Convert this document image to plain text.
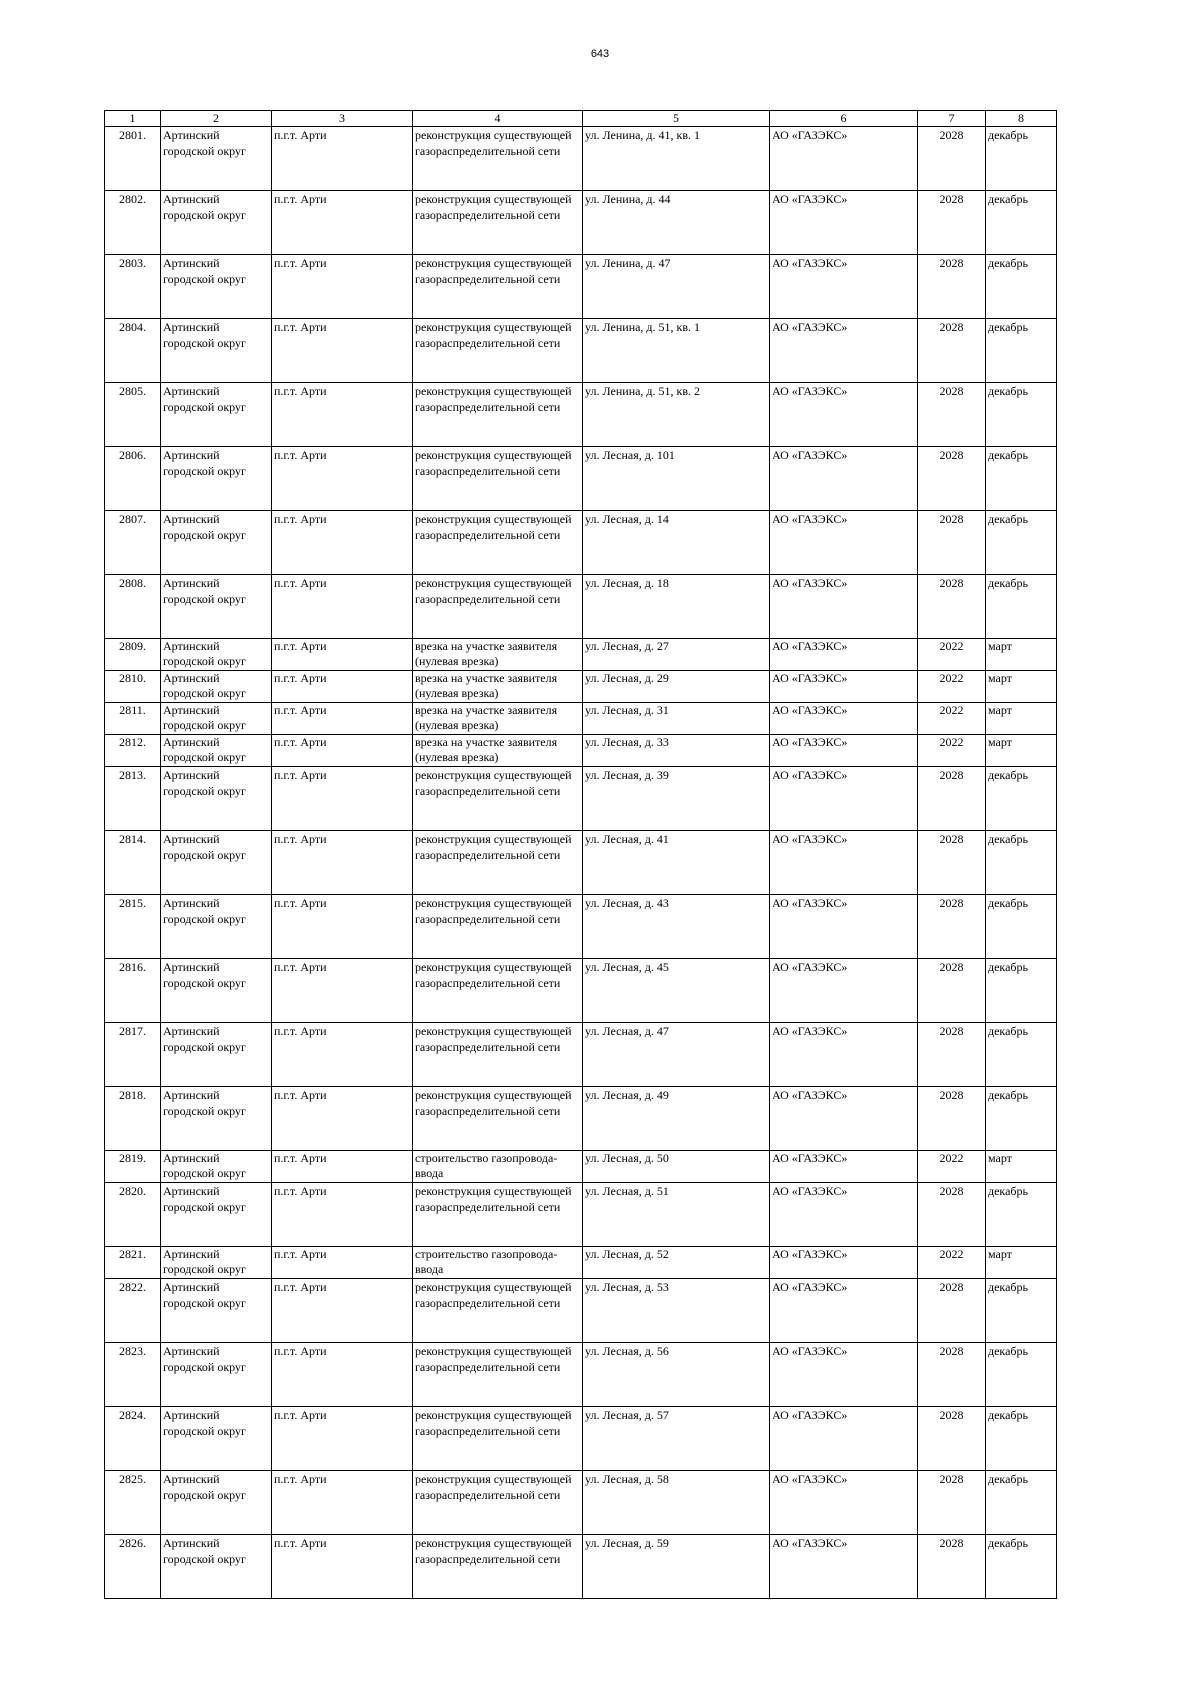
643
1	2	3	4	5	6	7	8
2801.	Артинский городской округ	п.г.т. Арти	реконструкция существующей газораспределительной сети	ул. Ленина, д. 41, кв. 1	АО «ГАЗЭКС»	2028	декабрь
2802.	Артинский городской округ	п.г.т. Арти	реконструкция существующей газораспределительной сети	ул. Ленина, д. 44	АО «ГАЗЭКС»	2028	декабрь
2803.	Артинский городской округ	п.г.т. Арти	реконструкция существующей газораспределительной сети	ул. Ленина, д. 47	АО «ГАЗЭКС»	2028	декабрь
2804.	Артинский городской округ	п.г.т. Арти	реконструкция существующей газораспределительной сети	ул. Ленина, д. 51, кв. 1	АО «ГАЗЭКС»	2028	декабрь
2805.	Артинский городской округ	п.г.т. Арти	реконструкция существующей газораспределительной сети	ул. Ленина, д. 51, кв. 2	АО «ГАЗЭКС»	2028	декабрь
2806.	Артинский городской округ	п.г.т. Арти	реконструкция существующей газораспределительной сети	ул. Лесная, д. 101	АО «ГАЗЭКС»	2028	декабрь
2807.	Артинский городской округ	п.г.т. Арти	реконструкция существующей газораспределительной сети	ул. Лесная, д. 14	АО «ГАЗЭКС»	2028	декабрь
2808.	Артинский городской округ	п.г.т. Арти	реконструкция существующей газораспределительной сети	ул. Лесная, д. 18	АО «ГАЗЭКС»	2028	декабрь
2809.	Артинский городской округ	п.г.т. Арти	врезка на участке заявителя (нулевая врезка)	ул. Лесная, д. 27	АО «ГАЗЭКС»	2022	март
2810.	Артинский городской округ	п.г.т. Арти	врезка на участке заявителя (нулевая врезка)	ул. Лесная, д. 29	АО «ГАЗЭКС»	2022	март
2811.	Артинский городской округ	п.г.т. Арти	врезка на участке заявителя (нулевая врезка)	ул. Лесная, д. 31	АО «ГАЗЭКС»	2022	март
2812.	Артинский городской округ	п.г.т. Арти	врезка на участке заявителя (нулевая врезка)	ул. Лесная, д. 33	АО «ГАЗЭКС»	2022	март
2813.	Артинский городской округ	п.г.т. Арти	реконструкция существующей газораспределительной сети	ул. Лесная, д. 39	АО «ГАЗЭКС»	2028	декабрь
2814.	Артинский городской округ	п.г.т. Арти	реконструкция существующей газораспределительной сети	ул. Лесная, д. 41	АО «ГАЗЭКС»	2028	декабрь
2815.	Артинский городской округ	п.г.т. Арти	реконструкция существующей газораспределительной сети	ул. Лесная, д. 43	АО «ГАЗЭКС»	2028	декабрь
2816.	Артинский городской округ	п.г.т. Арти	реконструкция существующей газораспределительной сети	ул. Лесная, д. 45	АО «ГАЗЭКС»	2028	декабрь
2817.	Артинский городской округ	п.г.т. Арти	реконструкция существующей газораспределительной сети	ул. Лесная, д. 47	АО «ГАЗЭКС»	2028	декабрь
2818.	Артинский городской округ	п.г.т. Арти	реконструкция существующей газораспределительной сети	ул. Лесная, д. 49	АО «ГАЗЭКС»	2028	декабрь
2819.	Артинский городской округ	п.г.т. Арти	строительство газопровода-ввода	ул. Лесная, д. 50	АО «ГАЗЭКС»	2022	март
2820.	Артинский городской округ	п.г.т. Арти	реконструкция существующей газораспределительной сети	ул. Лесная, д. 51	АО «ГАЗЭКС»	2028	декабрь
2821.	Артинский городской округ	п.г.т. Арти	строительство газопровода-ввода	ул. Лесная, д. 52	АО «ГАЗЭКС»	2022	март
2822.	Артинский городской округ	п.г.т. Арти	реконструкция существующей газораспределительной сети	ул. Лесная, д. 53	АО «ГАЗЭКС»	2028	декабрь
2823.	Артинский городской округ	п.г.т. Арти	реконструкция существующей газораспределительной сети	ул. Лесная, д. 56	АО «ГАЗЭКС»	2028	декабрь
2824.	Артинский городской округ	п.г.т. Арти	реконструкция существующей газораспределительной сети	ул. Лесная, д. 57	АО «ГАЗЭКС»	2028	декабрь
2825.	Артинский городской округ	п.г.т. Арти	реконструкция существующей газораспределительной сети	ул. Лесная, д. 58	АО «ГАЗЭКС»	2028	декабрь
2826.	Артинский городской округ	п.г.т. Арти	реконструкция существующей газораспределительной сети	ул. Лесная, д. 59	АО «ГАЗЭКС»	2028	декабрь
